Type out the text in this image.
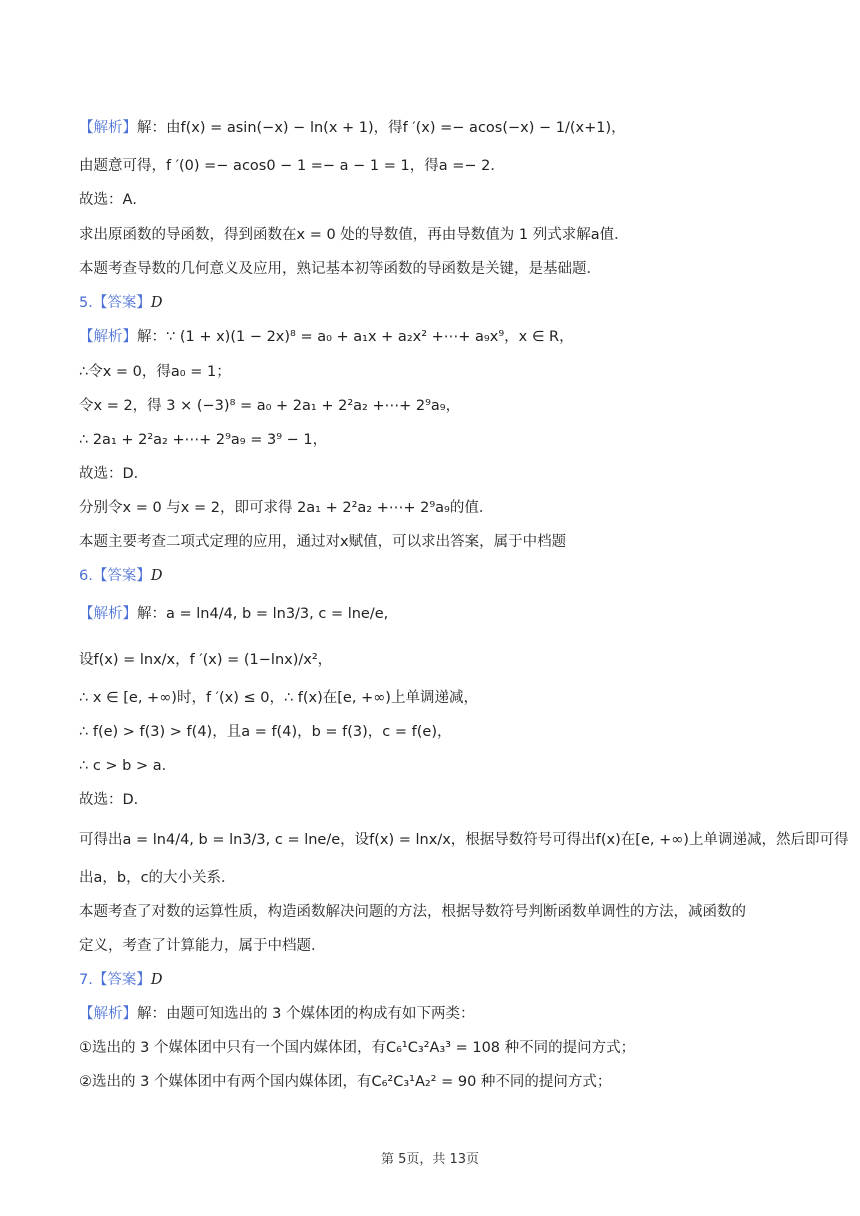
【解析】解：由f(x) = asin(−x) − ln(x + 1)，得f ′(x) =− acos(−x) − 1/(x+1)，
由题意可得，f ′(0) =− acos0 − 1 =− a − 1 = 1，得a =− 2．
故选：A．
求出原函数的导函数，得到函数在x = 0 处的导数值，再由导数值为 1 列式求解a值．
本题考查导数的几何意义及应用，熟记基本初等函数的导函数是关键，是基础题．
5.【答案】D
【解析】解：∵ (1 + x)(1 − 2x)⁸ = a₀ + a₁x + a₂x² +⋯+ a₉x⁹，x ∈ R，
∴令x = 0，得a₀ = 1；
令x = 2，得 3 × (−3)⁸ = a₀ + 2a₁ + 2²a₂ +⋯+ 2⁹a₉，
∴ 2a₁ + 2²a₂ +⋯+ 2⁹a₉ = 3⁹ − 1，
故选：D．
分别令x = 0 与x = 2，即可求得 2a₁ + 2²a₂ +⋯+ 2⁹a₉的值．
本题主要考查二项式定理的应用，通过对x赋值，可以求出答案，属于中档题
6.【答案】D
【解析】解：a = ln4/4, b = ln3/3, c = lne/e,
设f(x) = lnx/x，f ′(x) = (1−lnx)/x²，
∴ x ∈ [e, +∞)时，f ′(x) ≤ 0，∴ f(x)在[e, +∞)上单调递减，
∴ f(e) > f(3) > f(4)，且a = f(4)，b = f(3)，c = f(e)，
∴ c > b > a．
故选：D．
可得出a = ln4/4, b = ln3/3, c = lne/e，设f(x) = lnx/x，根据导数符号可得出f(x)在[e, +∞)上单调递减，然后即可得
出a，b，c的大小关系．
本题考查了对数的运算性质，构造函数解决问题的方法，根据导数符号判断函数单调性的方法，减函数的
定义，考查了计算能力，属于中档题．
7.【答案】D
【解析】解：由题可知选出的 3 个媒体团的构成有如下两类：
①选出的 3 个媒体团中只有一个国内媒体团，有C₆¹C₃²A₃³ = 108 种不同的提问方式；
②选出的 3 个媒体团中有两个国内媒体团，有C₆²C₃¹A₂² = 90 种不同的提问方式；
第 5页，共 13页
